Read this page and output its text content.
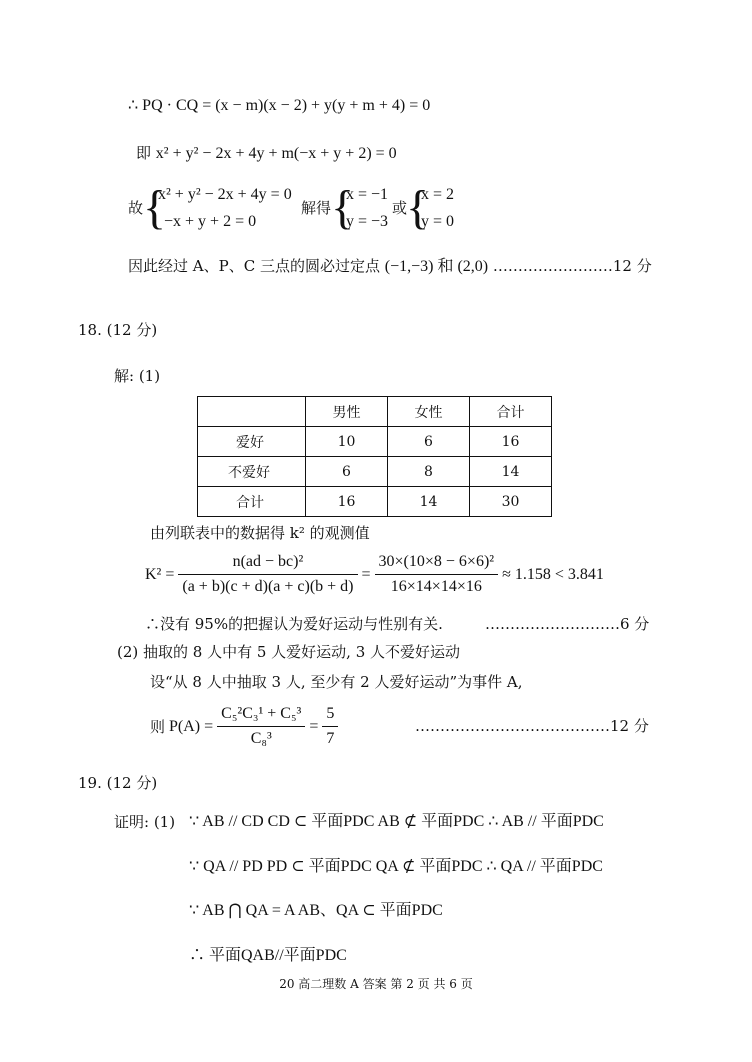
∴ PQ · CQ = (x − m)(x − 2) + y(y + m + 4) = 0
即 x² + y² − 2x + 4y + m(−x + y + 2) = 0
故 {
x² + y² − 2x + 4y = 0
−x + y + 2 = 0
解得 {
x = −1
y = −3
或
{
x = 2
y = 0
因此经过 A、P、C 三点的圆必过定点 (−1,−3) 和 (2,0) ……………………12 分
18. (12 分)
解: (1)
	男性	女性	合计
爱好	10	6	16
不爱好	6	8	14
合计	16	14	30
由列联表中的数据得 k² 的观测值
$K^2 = \frac{\text{n(ad − bc)²}}{(a + b)(c + d)(a + c)(b + d)} = \frac{\text{30×(10×8 − 6×6)²}}{16\times 14\times 14\times 16} \approx 1.158 < 3.841$
∴没有 95%的把握认为爱好运动与性别有关.	………………………6 分
(2) 抽取的 8 人中有 5 人爱好运动, 3 人不爱好运动
设“从 8 人中抽取 3 人, 至少有 2 人爱好运动”为事件 A,
则 $P(A) = \frac{\text{C₅²C₃¹ + C₅³}}{\text{C₈³}} = \frac{5}{7}$	…………………………………12 分
19. (12 分)
证明: (1) ∵ AB // CD CD ⊂ 平面PDC AB ⊄ 平面PDC ∴ AB // 平面PDC
∵ QA // PD PD ⊂ 平面PDC QA ⊄ 平面PDC ∴ QA // 平面PDC
∵ AB ⋂ QA = A AB、QA ⊂ 平面PDC
∴ 平面QAB//平面PDC
20 高二理数 A 答案 第 2 页 共 6 页
